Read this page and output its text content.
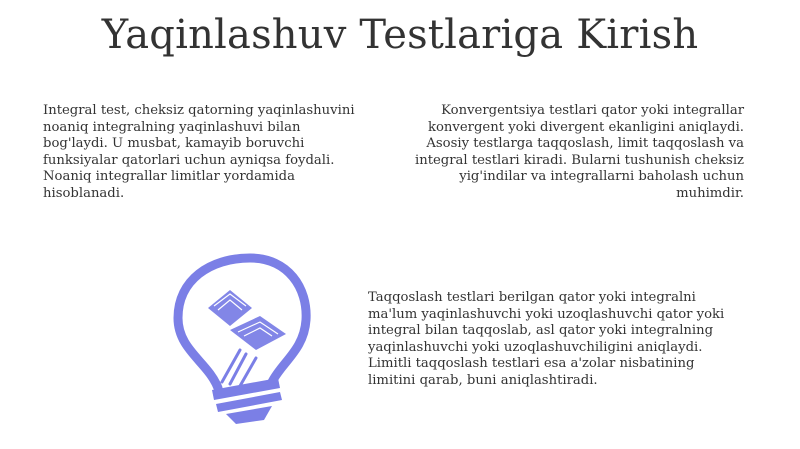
Yaqinlashuv Testlariga Kirish

Integral test, cheksiz qatorning yaqinlashuvini noaniq integralning yaqinlashuvi bilan bog'laydi. U musbat, kamayib boruvchi funksiyalar qatorlari uchun ayniqsa foydali. Noaniq integrallar limitlar yordamida hisoblanadi.

Konvergentsiya testlari qator yoki integrallar konvergent yoki divergent ekanligini aniqlaydi. Asosiy testlarga taqqoslash, limit taqqoslash va integral testlari kiradi. Bularni tushunish cheksiz yig'indilar va integrallarni baholash uchun muhimdir.

Taqqoslash testlari berilgan qator yoki integralni ma'lum yaqinlashuvchi yoki uzoqlashuvchi qator yoki integral bilan taqqoslab, asl qator yoki integralning yaqinlashuvchi yoki uzoqlashuvchiligini aniqlaydi. Limitli taqqoslash testlari esa a'zolar nisbatining limitini qarab, buni aniqlashtiradi.
